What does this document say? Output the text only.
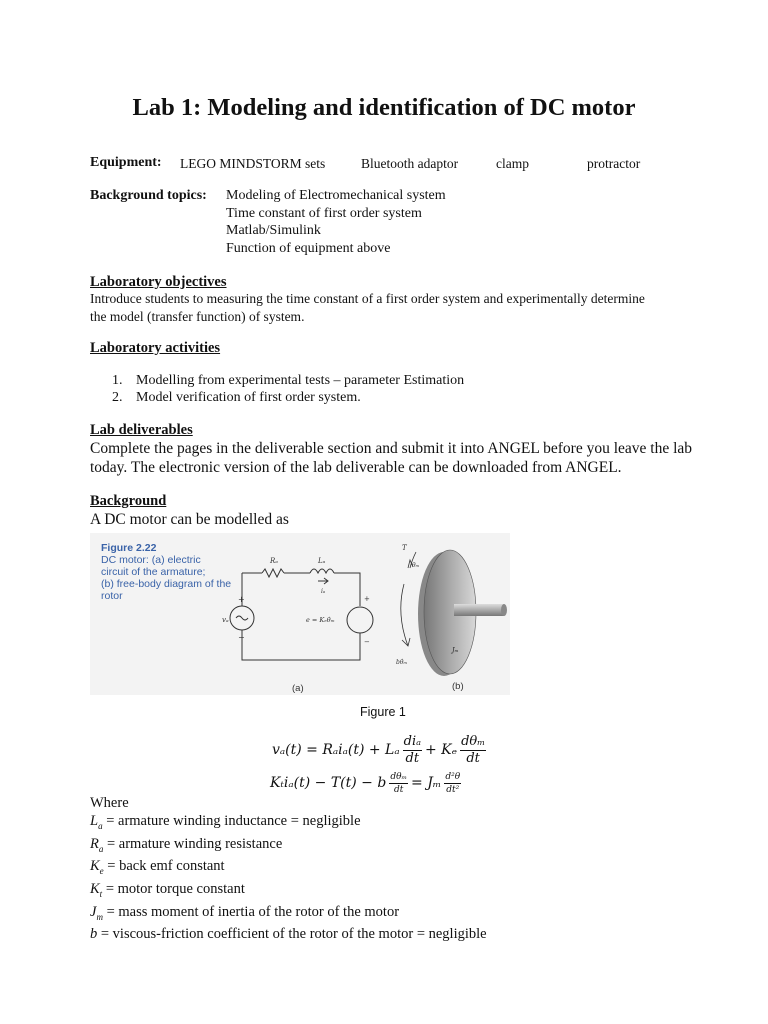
Lab 1: Modeling and identification of DC motor
Equipment: LEGO MINDSTORM sets	Bluetooth adaptor	clamp	protractor
Background topics: Modeling of Electromechanical system
Time constant of first order system
Matlab/Simulink
Function of equipment above
Laboratory objectives
Introduce students to measuring the time constant of a first order system and experimentally determine
the model (transfer function) of system.
Laboratory activities
1. Modelling from experimental tests – parameter Estimation
2. Model verification of first order system.
Lab deliverables
Complete the pages in the deliverable section and submit it into ANGEL before you leave the lab
today. The electronic version of the lab deliverable can be downloaded from ANGEL.
Background
A DC motor can be modelled as
Figure 2.22
DC motor: (a) electric
circuit of the armature;
(b) free-body diagram of the
rotor
Rₐ	Lₐ
iₐ
vₐ
+
−
+
−
e = Kₑθ̇ₘ
T
θₘ
bθ̇ₘ
Jₘ
(a)	(b)
Figure 1
vₐ(t) = Rₐiₐ(t) + Lₐ
diₐ
dt + Kₑ
dθₘ
dt
Kₜiₐ(t) − T(t) − b dθₘ
dt = Jₘ $\frac{\text{d²θ}}{\text{dt²}}$
Where
$L_a$ = armature winding inductance = negligible
$R_a$ = armature winding resistance
$K_e$ = back emf constant
$K_t$ = motor torque constant
$J_m$ = mass moment of inertia of the rotor of the motor
b = viscous-friction coefficient of the rotor of the motor = negligible
